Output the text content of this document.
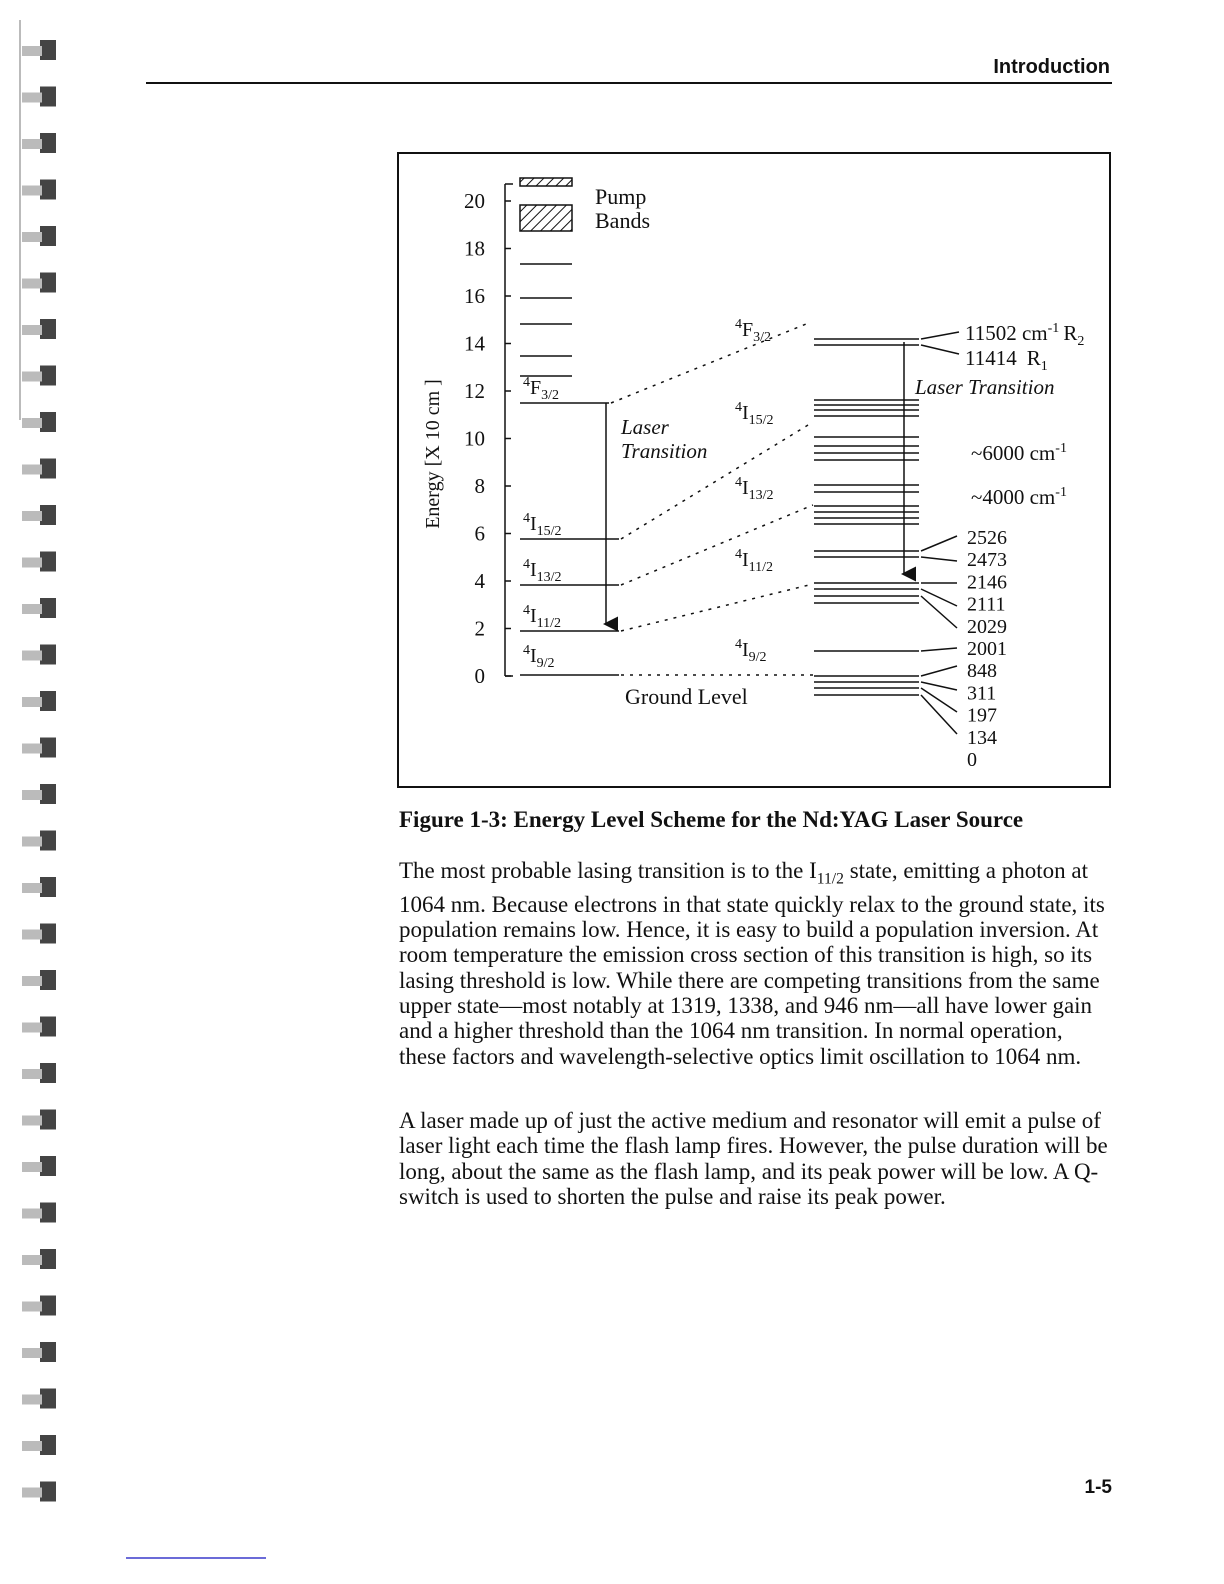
Introduction
Energy [X 10 cm ]
0
2
4
6
8
10
12
14
16
18
20	Pump
Bands
$^4F_{3/2}$
$^4I_{15/2}$
$^4I_{13/2}$
$^4I_{11/2}$
$^4I_{9/2}$
Laser
Transition
$^4F_{3/2}$
$^4I_{15/2}$
$^4I_{13/2}$
$^4I_{11/2}$
$^4I_{9/2}$
Ground Level
Laser Transition
11502 $cm^{-1}$ $R_2$
11414 $R_1$
~6000 $cm^{-1}$
~4000 $cm^{-1}$
2526
2473
2146
2111
2029
2001
848
311
197
134
0
Figure 1-3: Energy Level Scheme for the Nd:YAG Laser Source

The most probable lasing transition is to the $I_{11/2}$ state, emitting a photon at 1064 nm. Because electrons in that state quickly relax to the ground state, its population remains low. Hence, it is easy to build a population inversion. At room temperature the emission cross section of this transition is high, so its lasing threshold is low. While there are competing transitions from the same upper state—most notably at 1319, 1338, and 946 nm—all have lower gain and a higher threshold than the 1064 nm transition. In normal operation, these factors and wavelength-selective optics limit oscillation to 1064 nm.

A laser made up of just the active medium and resonator will emit a pulse of laser light each time the flash lamp fires. However, the pulse duration will be long, about the same as the flash lamp, and its peak power will be low. A Q-switch is used to shorten the pulse and raise its peak power.

1-5
